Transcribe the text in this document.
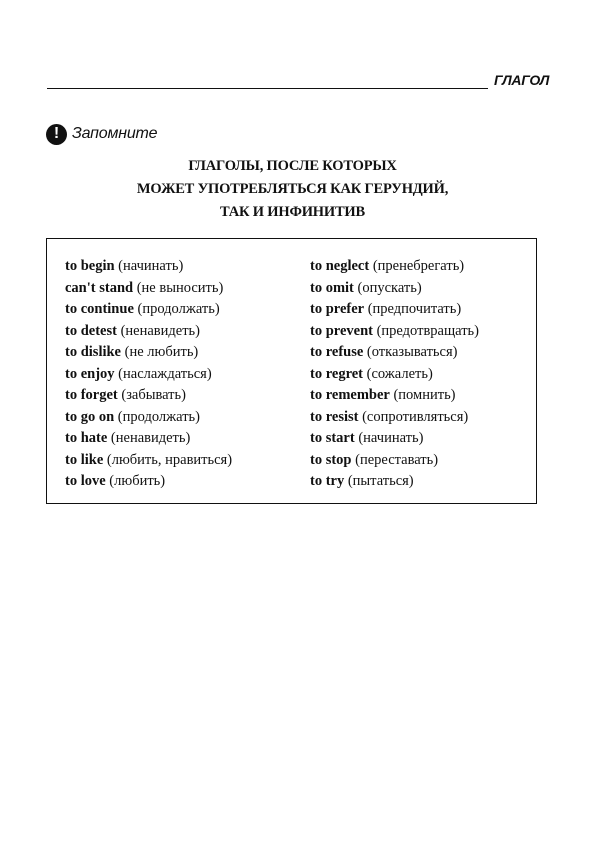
ГЛАГОЛ
! Запомните
ГЛАГОЛЫ, ПОСЛЕ КОТОРЫХ
МОЖЕТ УПОТРЕБЛЯТЬСЯ КАК ГЕРУНДИЙ,
ТАК И ИНФИНИТИВ
to begin (начинать)
can't stand (не выносить)
to continue (продолжать)
to detest (ненавидеть)
to dislike (не любить)
to enjoy (наслаждаться)
to forget (забывать)
to go on (продолжать)
to hate (ненавидеть)
to like (любить, нравиться)
to love (любить)
to neglect (пренебрегать)
to omit (опускать)
to prefer (предпочитать)
to prevent (предотвращать)
to refuse (отказываться)
to regret (сожалеть)
to remember (помнить)
to resist (сопротивляться)
to start (начинать)
to stop (переставать)
to try (пытаться)
